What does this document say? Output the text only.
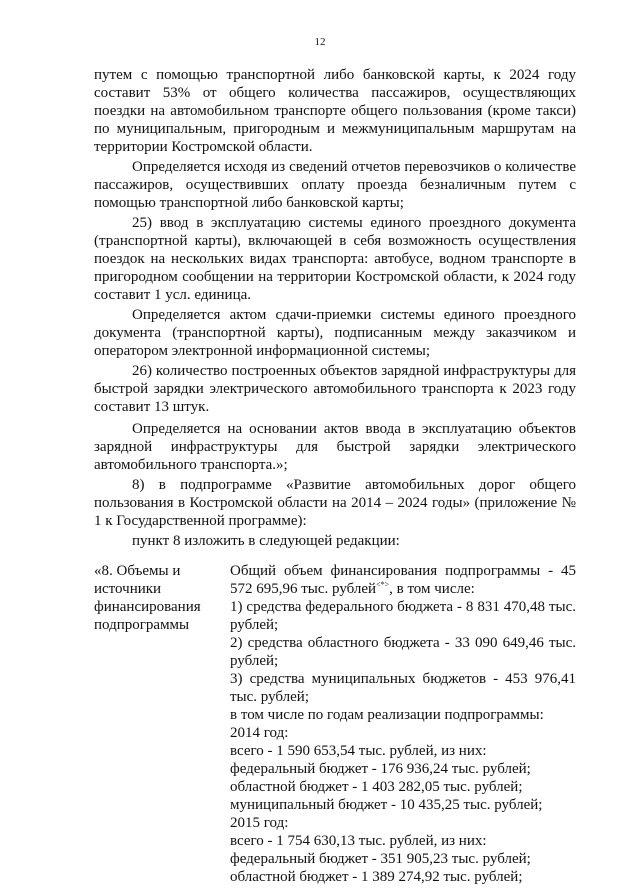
12

путем с помощью транспортной либо банковской карты, к 2024 году составит 53% от общего количества пассажиров, осуществляющих поездки на автомобильном транспорте общего пользования (кроме такси) по муниципальным, пригородным и межмуниципальным маршрутам на территории Костромской области.

Определяется исходя из сведений отчетов перевозчиков о количестве пассажиров, осуществивших оплату проезда безналичным путем с помощью транспортной либо банковской карты;

25) ввод в эксплуатацию системы единого проездного документа (транспортной карты), включающей в себя возможность осуществления поездок на нескольких видах транспорта: автобусе, водном транспорте в пригородном сообщении на территории Костромской области, к 2024 году составит 1 усл. единица.

Определяется актом сдачи-приемки системы единого проездного документа (транспортной карты), подписанным между заказчиком и оператором электронной информационной системы;

26) количество построенных объектов зарядной инфраструктуры для быстрой зарядки электрического автомобильного транспорта к 2023 году составит 13 штук.

Определяется на основании актов ввода в эксплуатацию объектов зарядной инфраструктуры для быстрой зарядки электрического автомобильного транспорта.»;

8) в подпрограмме «Развитие автомобильных дорог общего пользования в Костромской области на 2014 – 2024 годы» (приложение № 1 к Государственной программе):

пункт 8 изложить в следующей редакции:

«8. Объемы и источники финансирования подпрограммы
Общий объем финансирования подпрограммы - 45 572 695,96 тыс. рублей<*>, в том числе:
1) средства федерального бюджета - 8 831 470,48 тыс. рублей;
2) средства областного бюджета - 33 090 649,46 тыс. рублей;
3) средства муниципальных бюджетов - 453 976,41 тыс. рублей;
в том числе по годам реализации подпрограммы:
2014 год:
всего - 1 590 653,54 тыс. рублей, из них:
федеральный бюджет - 176 936,24 тыс. рублей;
областной бюджет - 1 403 282,05 тыс. рублей;
муниципальный бюджет - 10 435,25 тыс. рублей;
2015 год:
всего - 1 754 630,13 тыс. рублей, из них:
федеральный бюджет - 351 905,23 тыс. рублей;
областной бюджет - 1 389 274,92 тыс. рублей;
